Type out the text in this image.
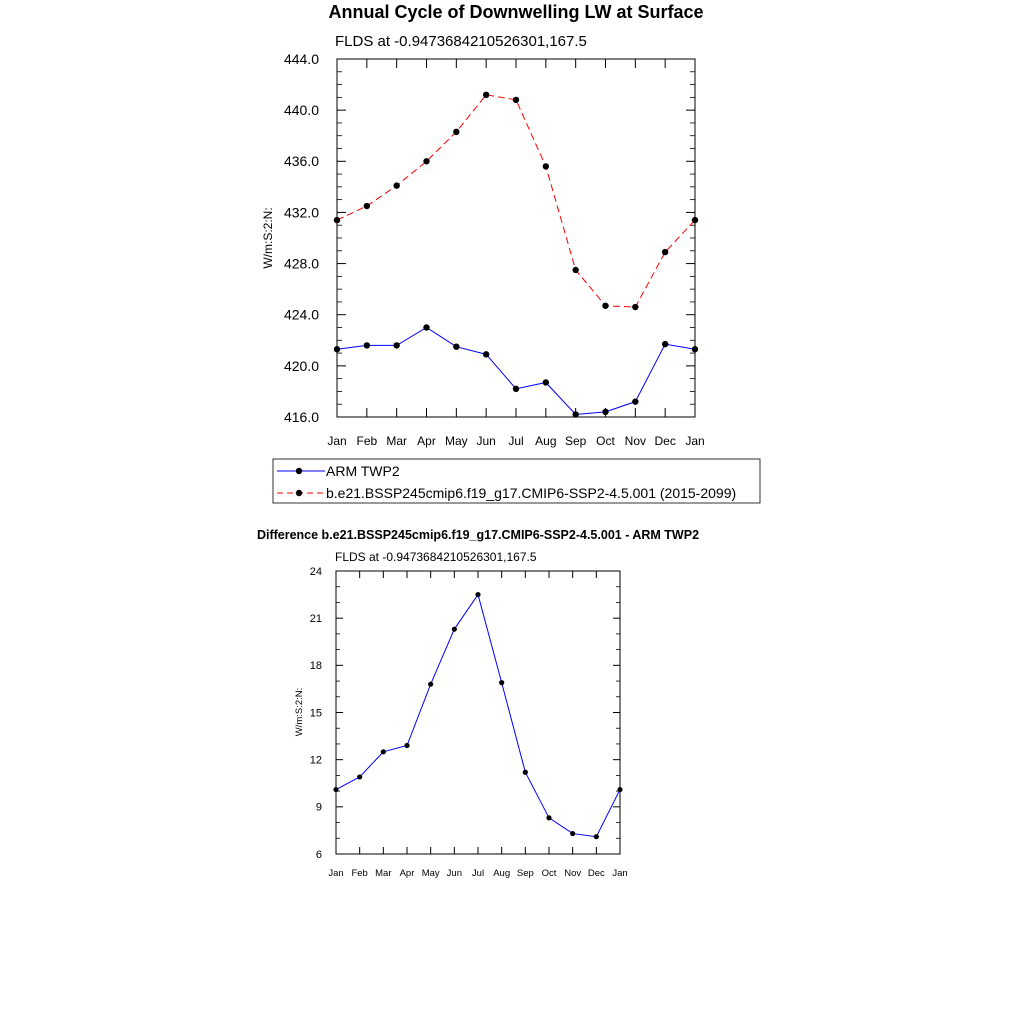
Annual Cycle of Downwelling LW at Surface
FLDS at -0.9473684210526301,167.5
W/m:S:2:N:
Jan Feb Mar Apr May Jun Jul Aug Sep Oct Nov Dec Jan
416.0
420.0
424.0
428.0
432.0
436.0
440.0
444.0
ARM TWP2
b.e21.BSSP245cmip6.f19_g17.CMIP6-SSP2-4.5.001 (2015-2099)
Difference b.e21.BSSP245cmip6.f19_g17.CMIP6-SSP2-4.5.001 - ARM TWP2
FLDS at -0.9473684210526301,167.5
W/m:S:2:N:
Jan Feb Mar Apr May Jun Jul Aug Sep Oct Nov Dec Jan
6
9
12
15
18
21
24
